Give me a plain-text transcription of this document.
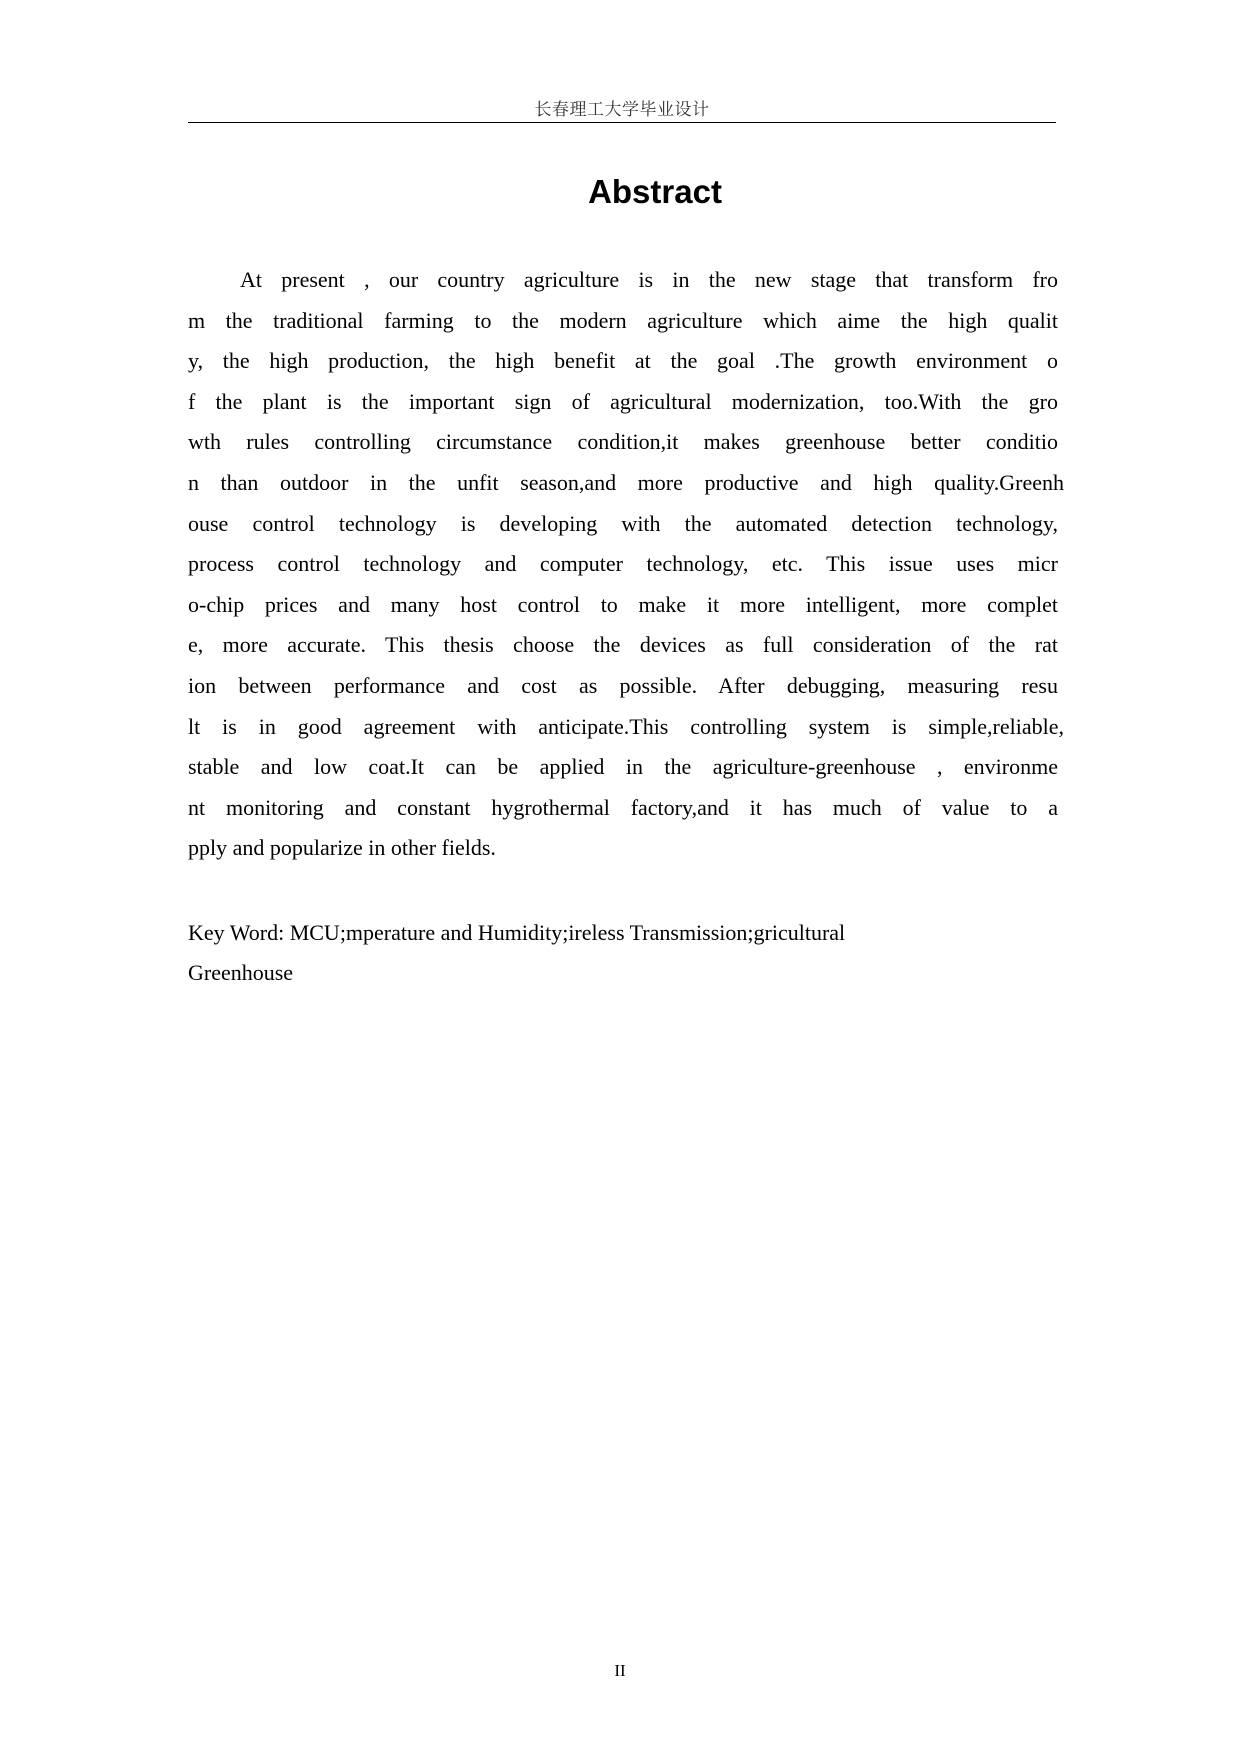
长春理工大学毕业设计
Abstract
At present , our country agriculture is in the new stage that transform fro
m the traditional farming to the modern agriculture which aime the high qualit
y, the high production, the high benefit at the goal .The growth environment o
f the plant is the important sign of agricultural modernization, too.With the gro
wth rules controlling circumstance condition,it makes greenhouse better conditio
n than outdoor in the unfit season,and more productive and high quality.Greenh
ouse control technology is developing with the automated detection technology,
process control technology and computer technology, etc. This issue uses micr
o-chip prices and many host control to make it more intelligent, more complet
e, more accurate. This thesis choose the devices as full consideration of the rat
ion between performance and cost as possible. After debugging, measuring resu
lt is in good agreement with anticipate.This controlling system is simple,reliable,
stable and low coat.It can be applied in the agriculture-greenhouse , environme
nt monitoring and constant hygrothermal factory,and it has much of value to a
pply and popularize in other fields.
Key Word: MCU;mperature and Humidity;ireless Transmission;gricultural
Greenhouse
II
